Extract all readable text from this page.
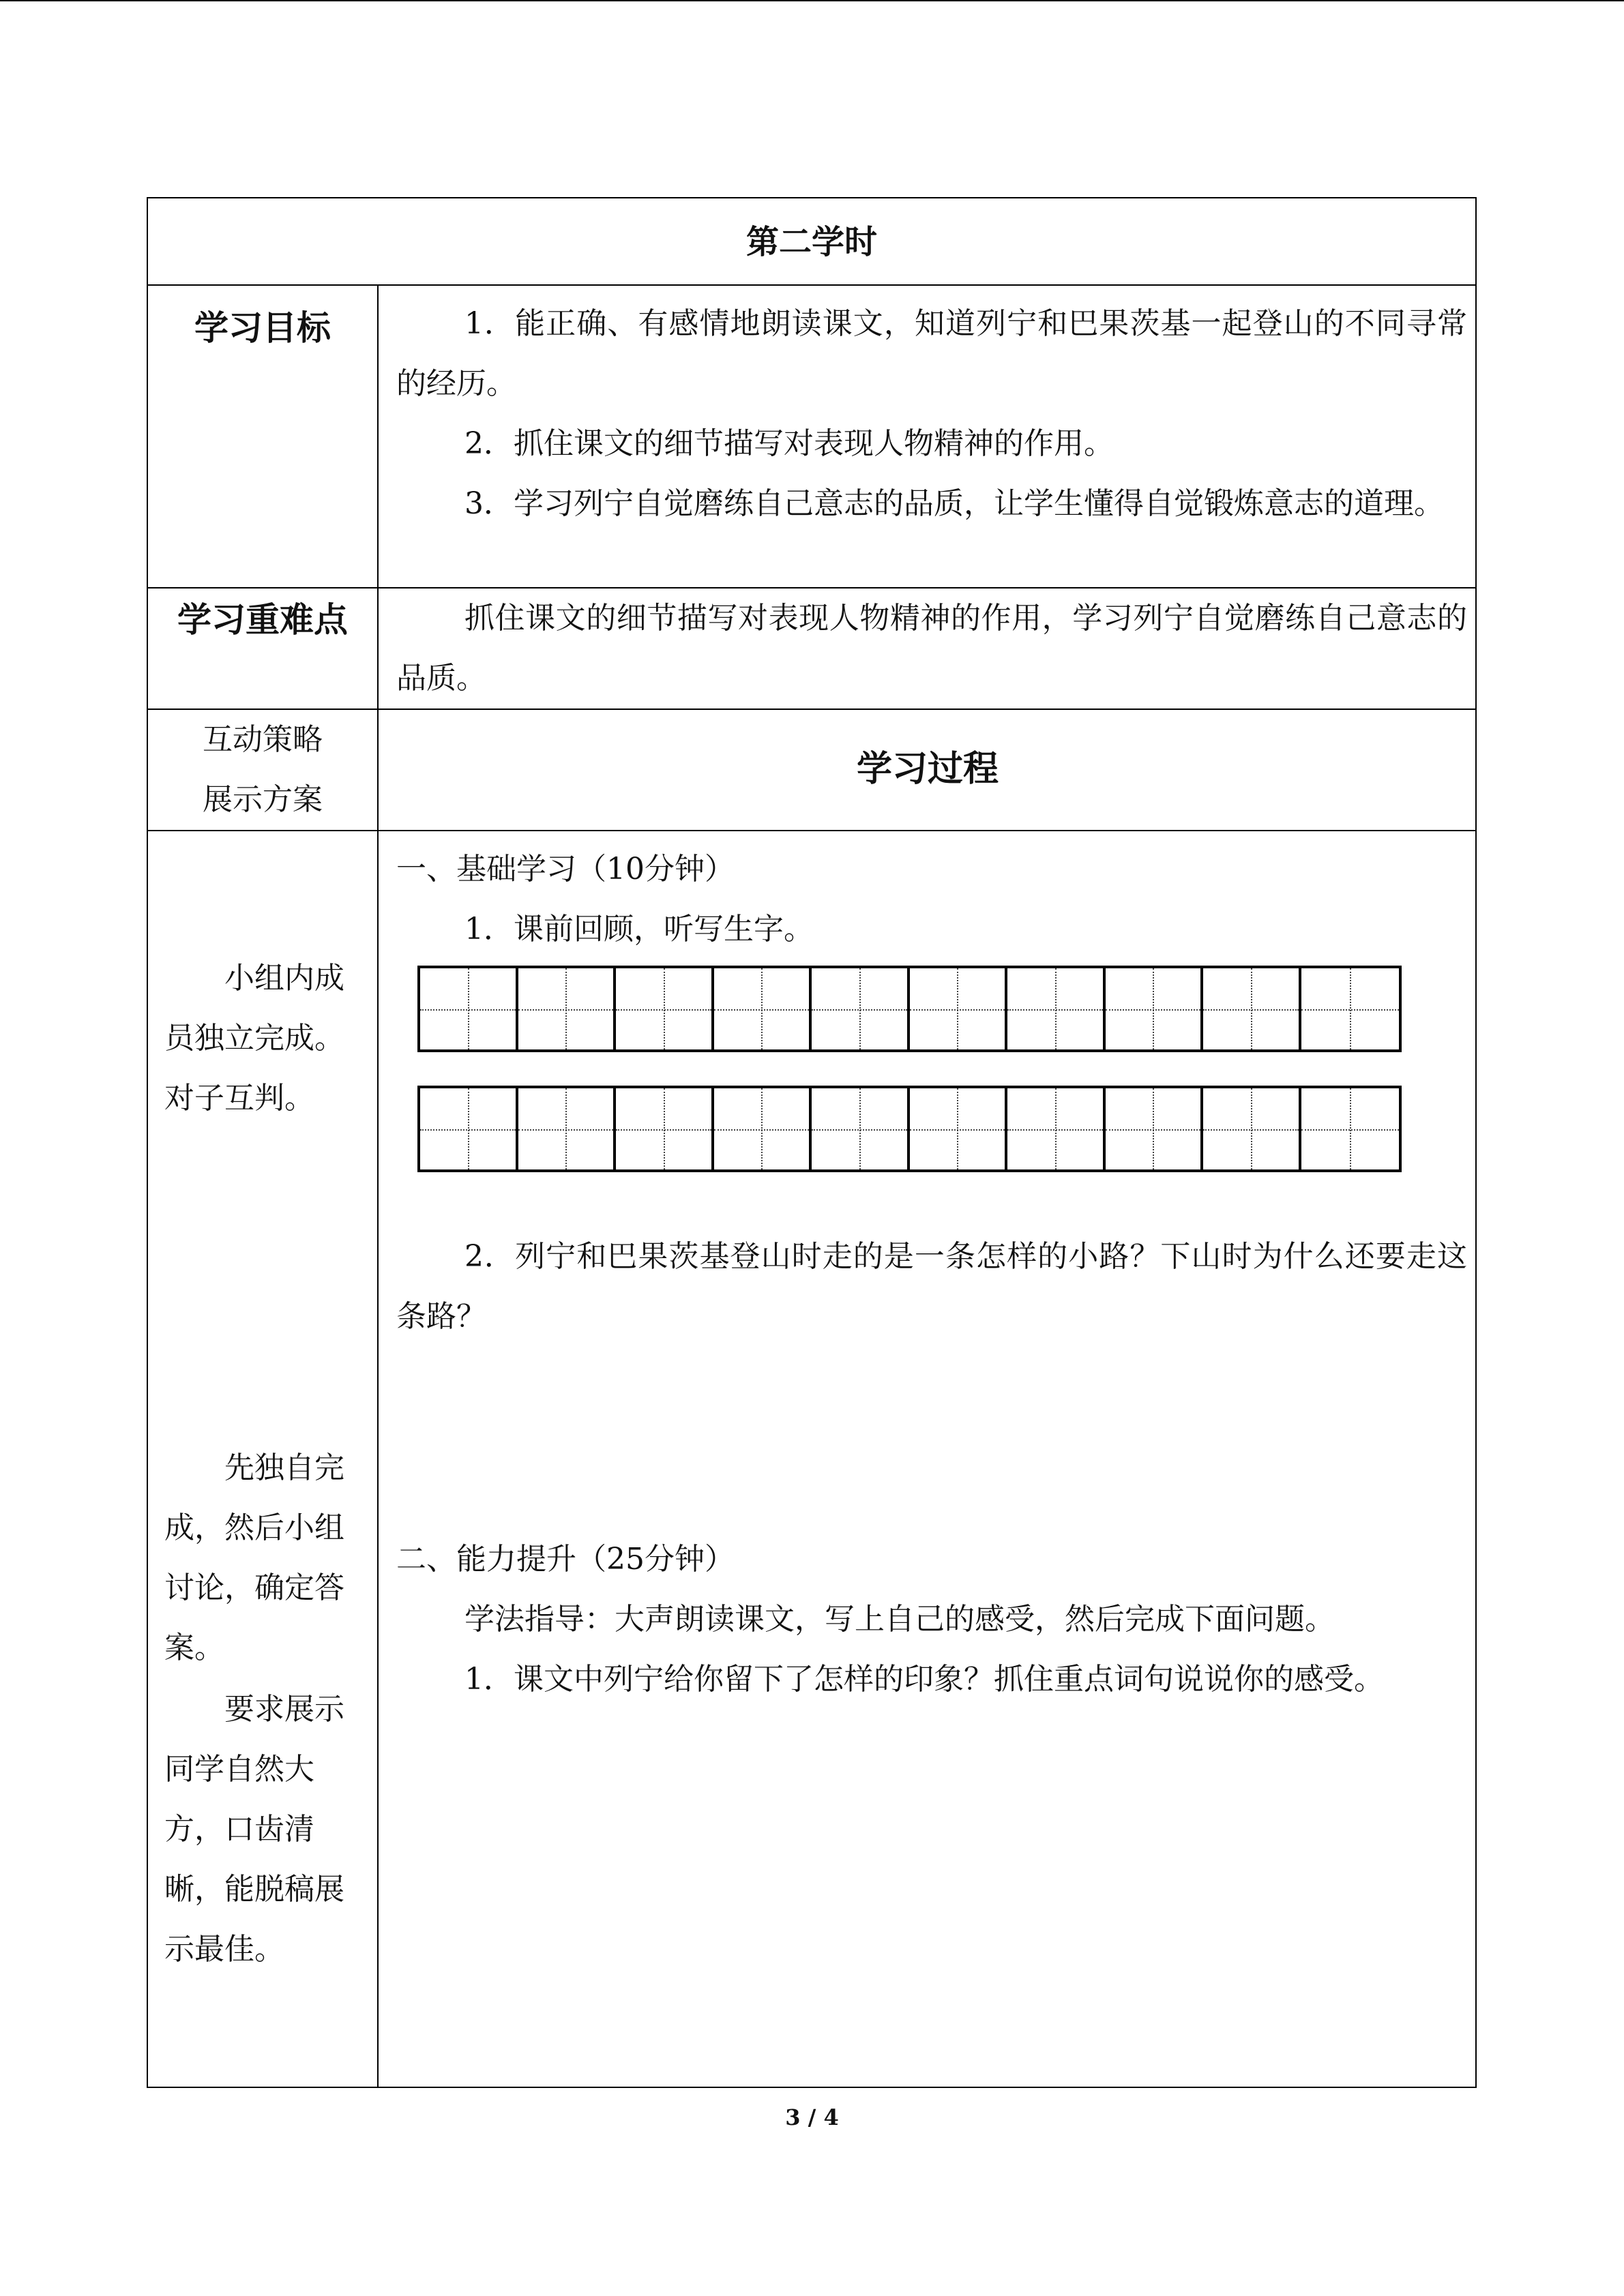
第二学时
学习目标	1．能正确、有感情地朗读课文，知道列宁和巴果茨基一起登山的不同寻常的经历。

2．抓住课文的细节描写对表现人物精神的作用。

3．学习列宁自觉磨练自己意志的品质，让学生懂得自觉锻炼意志的道理。

学习重难点	抓住课文的细节描写对表现人物精神的作用，学习列宁自觉磨练自己意志的品质。

互动策略
展示方案
学习过程

一、基础学习（10分钟）

1．课前回顾，听写生字。

2．列宁和巴果茨基登山时走的是一条怎样的小路？下山时为什么还要走这条路？

二、能力提升（25分钟）

学法指导：大声朗读课文，写上自己的感受，然后完成下面问题。

1．课文中列宁给你留下了怎样的印象？抓住重点词句说说你的感受。

小组内成员独立完成。对子互判。

先独自完成，然后小组讨论，确定答案。

要求展示同学自然大方，口齿清晰，能脱稿展示最佳。

3 / 4
